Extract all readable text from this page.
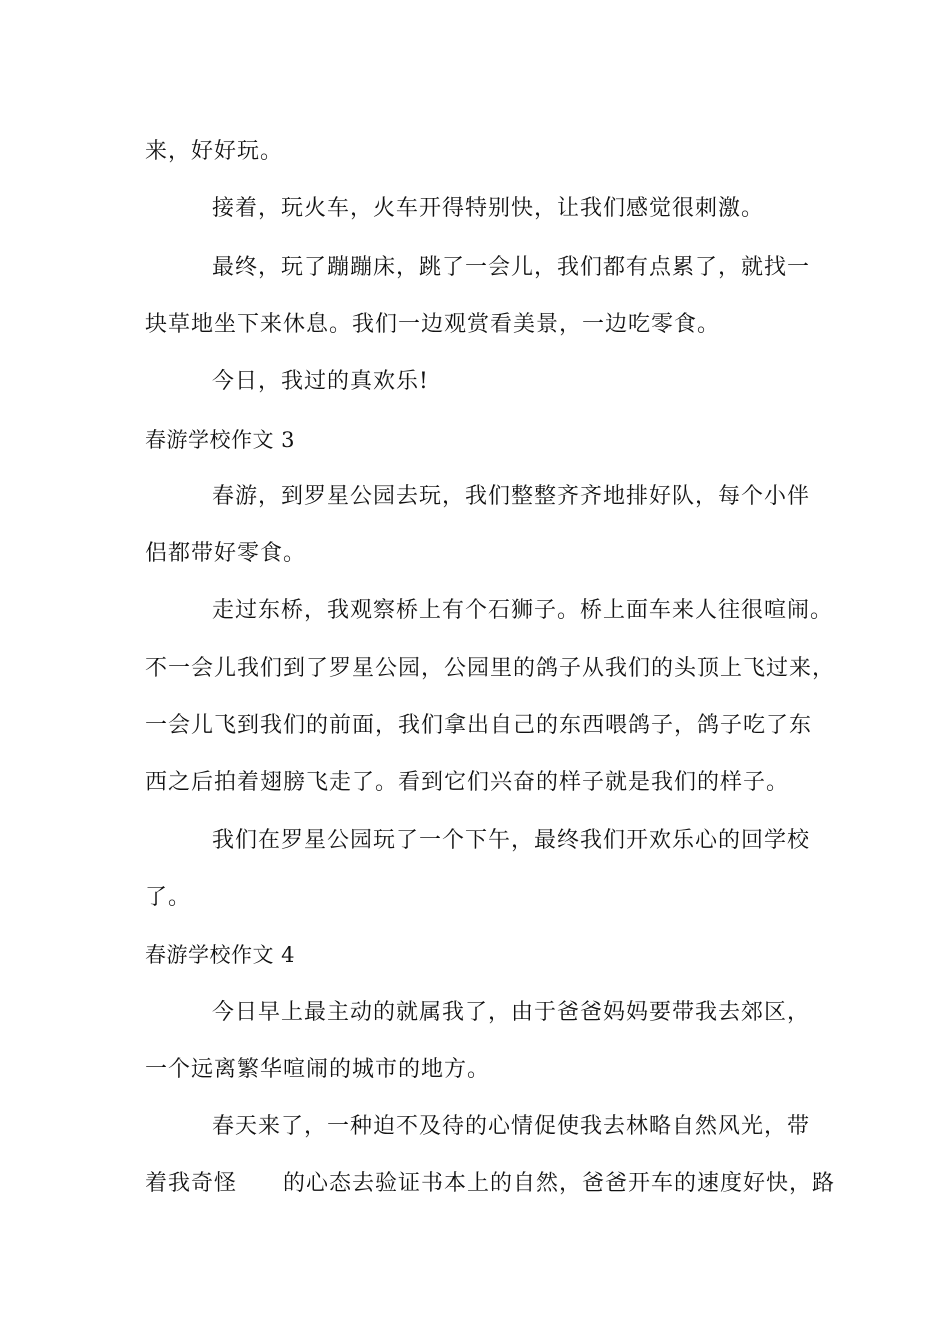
来，好好玩。
接着，玩火车，火车开得特别快，让我们感觉很刺激。
最终，玩了蹦蹦床，跳了一会儿，我们都有点累了，就找一
块草地坐下来休息。我们一边观赏看美景，一边吃零食。
今日，我过的真欢乐!
春游学校作文 3
春游，到罗星公园去玩，我们整整齐齐地排好队，每个小伴
侣都带好零食。
走过东桥，我观察桥上有个石狮子。桥上面车来人往很喧闹。
不一会儿我们到了罗星公园，公园里的鸽子从我们的头顶上飞过来，
一会儿飞到我们的前面，我们拿出自己的东西喂鸽子，鸽子吃了东
西之后拍着翅膀飞走了。看到它们兴奋的样子就是我们的样子。
我们在罗星公园玩了一个下午，最终我们开欢乐心的回学校
了。
春游学校作文 4
今日早上最主动的就属我了，由于爸爸妈妈要带我去郊区，
一个远离繁华喧闹的城市的地方。
春天来了，一种迫不及待的心情促使我去林略自然风光，带
着我奇怪　　的心态去验证书本上的自然，爸爸开车的速度好快，路
